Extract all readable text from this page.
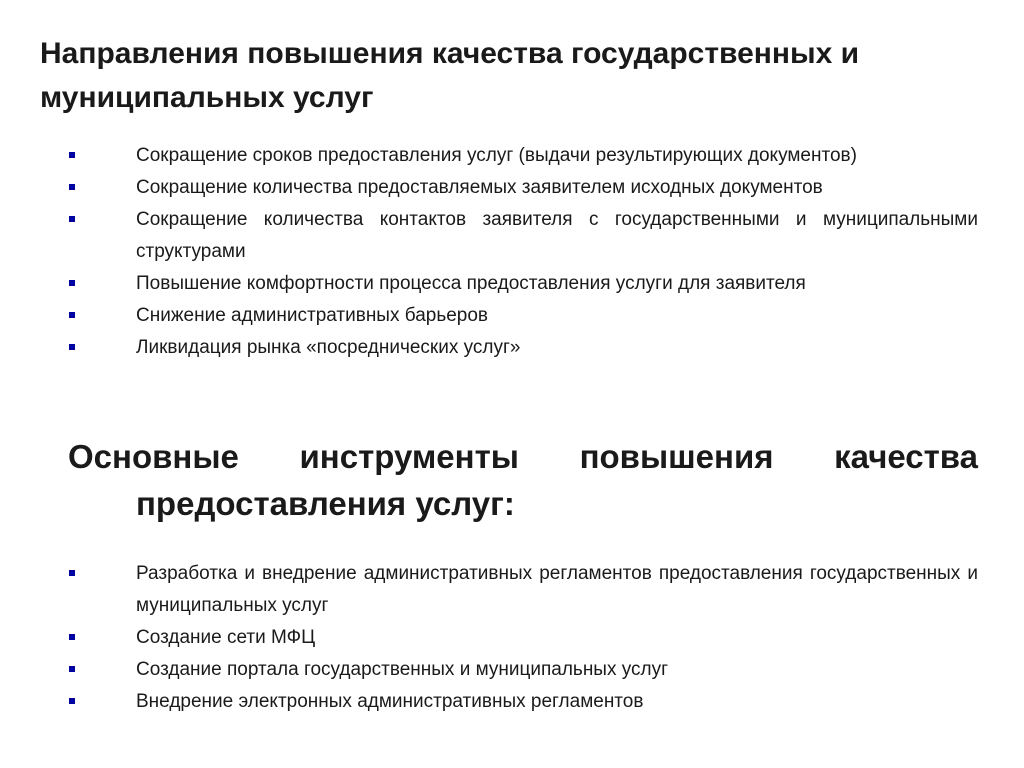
Направления повышения качества государственных и муниципальных услуг
Сокращение сроков предоставления услуг (выдачи результирующих документов)
Сокращение количества предоставляемых заявителем исходных документов
Сокращение количества контактов заявителя с государственными и муниципальными структурами
Повышение комфортности процесса предоставления услуги для заявителя
Снижение административных барьеров
Ликвидация рынка «посреднических услуг»
Основные инструменты повышения качества
предоставления услуг:
Разработка и внедрение административных регламентов предоставления государственных и муниципальных услуг
Создание сети МФЦ
Создание портала государственных и муниципальных услуг
Внедрение электронных административных регламентов
